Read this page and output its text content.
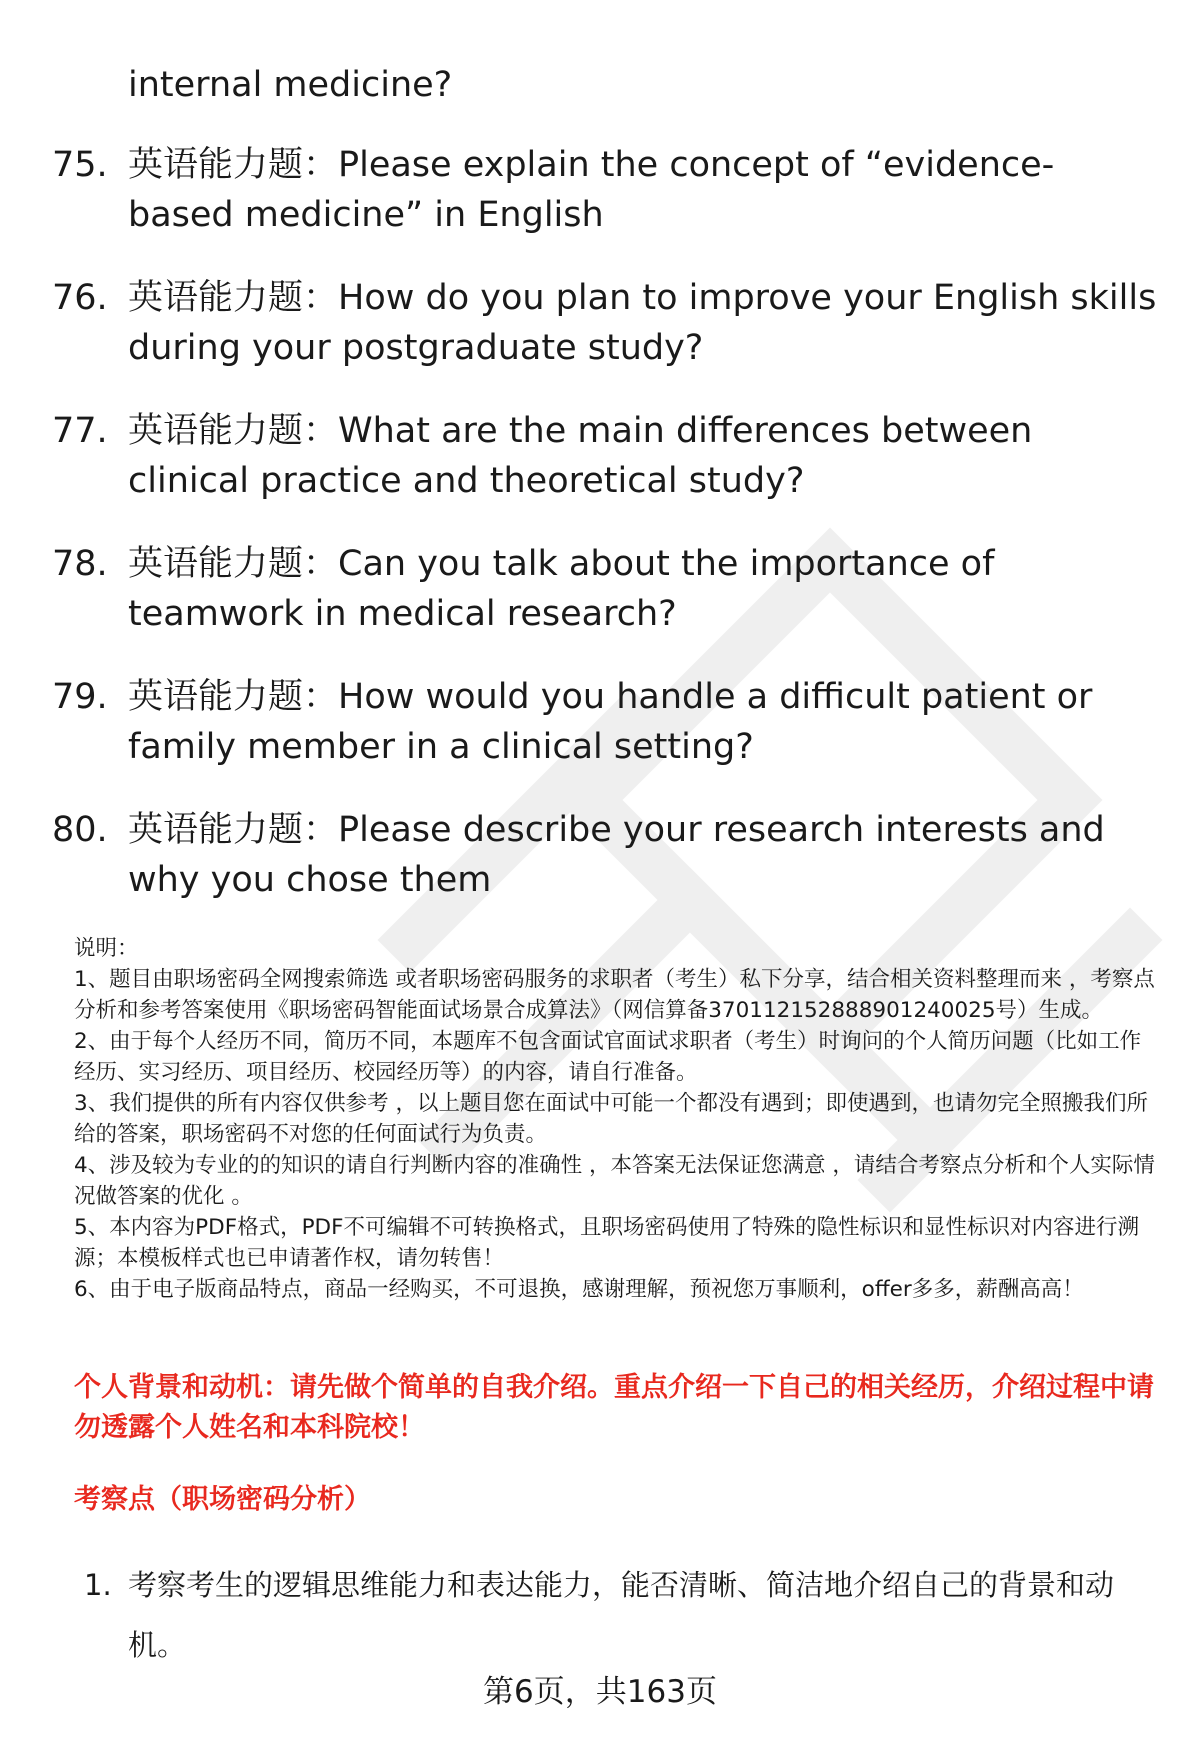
internal medicine?
75. 英语能力题：Please explain the concept of “evidence-based medicine” in English
76. 英语能力题：How do you plan to improve your English skills during your postgraduate study?
77. 英语能力题：What are the main differences between clinical practice and theoretical study?
78. 英语能力题：Can you talk about the importance of teamwork in medical research?
79. 英语能力题：How would you handle a difficult patient or family member in a clinical setting?
80. 英语能力题：Please describe your research interests and why you chose them

说明：

1、题目由职场密码全网搜索筛选 或者职场密码服务的求职者（考生）私下分享，结合相关资料整理而来 ，考察点分析和参考答案使用《职场密码智能面试场景合成算法》（网信算备370112152888901240025号）生成。

2、由于每个人经历不同，简历不同，本题库不包含面试官面试求职者（考生）时询问的个人简历问题（比如工作经历、实习经历、项目经历、校园经历等）的内容，请自行准备。

3、我们提供的所有内容仅供参考 ，以上题目您在面试中可能一个都没有遇到；即使遇到，也请勿完全照搬我们所给的答案，职场密码不对您的任何面试行为负责。

4、涉及较为专业的的知识的请自行判断内容的准确性 ，本答案无法保证您满意 ，请结合考察点分析和个人实际情况做答案的优化 。

5、本内容为PDF格式，PDF不可编辑不可转换格式，且职场密码使用了特殊的隐性标识和显性标识对内容进行溯源；本模板样式也已申请著作权，请勿转售！

6、由于电子版商品特点，商品一经购买，不可退换，感谢理解，预祝您万事顺利，offer多多，薪酬高高！

个人背景和动机：请先做个简单的自我介绍。重点介绍一下自己的相关经历，介绍过程中请勿透露个人姓名和本科院校！
考察点（职场密码分析）
1. 考察考生的逻辑思维能力和表达能力，能否清晰、简洁地介绍自己的背景和动机。
第6页，共163页
